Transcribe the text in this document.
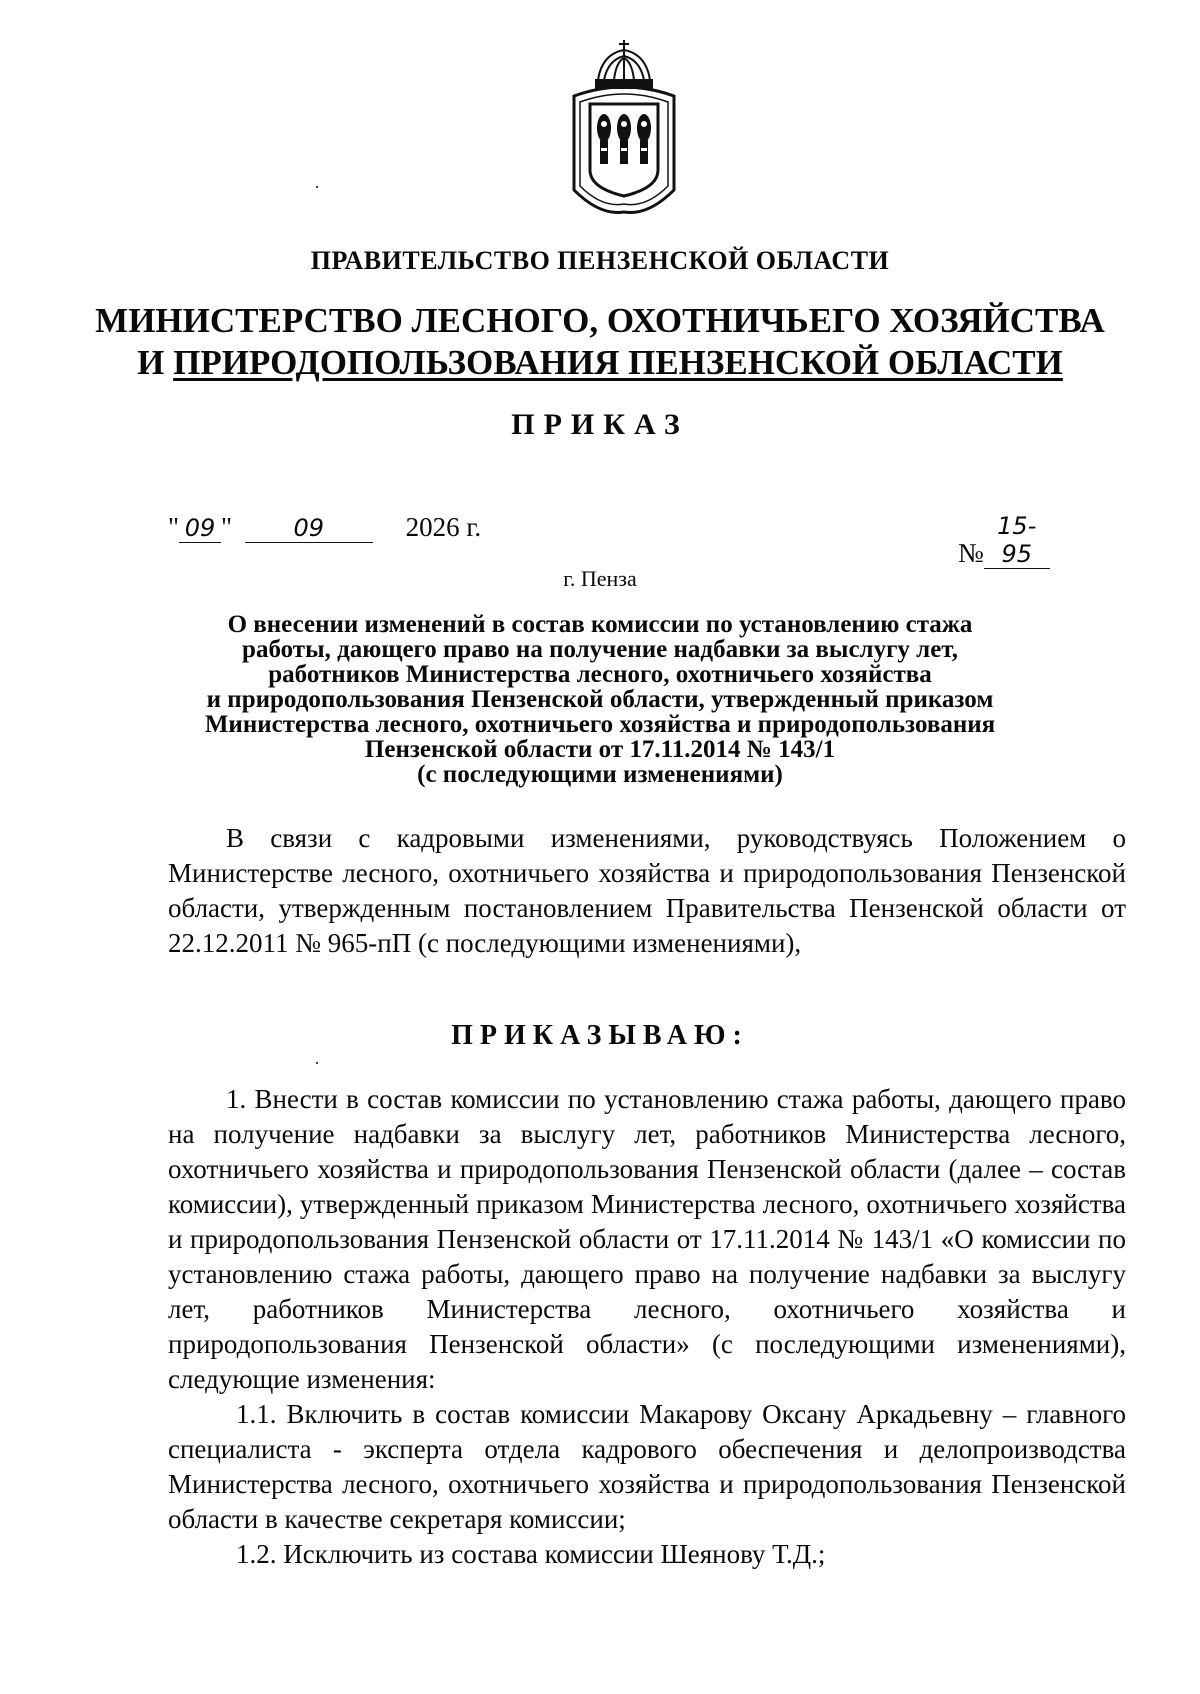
ПРАВИТЕЛЬСТВО ПЕНЗЕНСКОЙ ОБЛАСТИ
МИНИСТЕРСТВО ЛЕСНОГО, ОХОТНИЧЬЕГО ХОЗЯЙСТВА
И ПРИРОДОПОЛЬЗОВАНИЯ ПЕНЗЕНСКОЙ ОБЛАСТИ
ПРИКАЗ
" 09 "	09	2026 г.
№15-95
г. Пенза
О внесении изменений в состав комиссии по установлению стажа
работы, дающего право на получение надбавки за выслугу лет,
работников Министерства лесного, охотничьего хозяйства
и природопользования Пензенской области, утвержденный приказом
Министерства лесного, охотничьего хозяйства и природопользования
Пензенской области от 17.11.2014 № 143/1
(с последующими изменениями)

В связи с кадровыми изменениями, руководствуясь Положением о Министерстве лесного, охотничьего хозяйства и природопользования Пензенской области, утвержденным постановлением Правительства Пензенской области от 22.12.2011 № 965-пП (с последующими изменениями),

ПРИКАЗЫВАЮ:

1. Внести в состав комиссии по установлению стажа работы, дающего право на получение надбавки за выслугу лет, работников Министерства лесного, охотничьего хозяйства и природопользования Пензенской области (далее – состав комиссии), утвержденный приказом Министерства лесного, охотничьего хозяйства и природопользования Пензенской области от 17.11.2014 № 143/1 «О комиссии по установлению стажа работы, дающего право на получение надбавки за выслугу лет, работников Министерства лесного, охотничьего хозяйства и природопользования Пензенской области» (с последующими изменениями), следующие изменения:

1.1. Включить в состав комиссии Макарову Оксану Аркадьевну – главного специалиста - эксперта отдела кадрового обеспечения и делопроизводства Министерства лесного, охотничьего хозяйства и природопользования Пензенской области в качестве секретаря комиссии;

1.2. Исключить из состава комиссии Шеянову Т.Д.;
